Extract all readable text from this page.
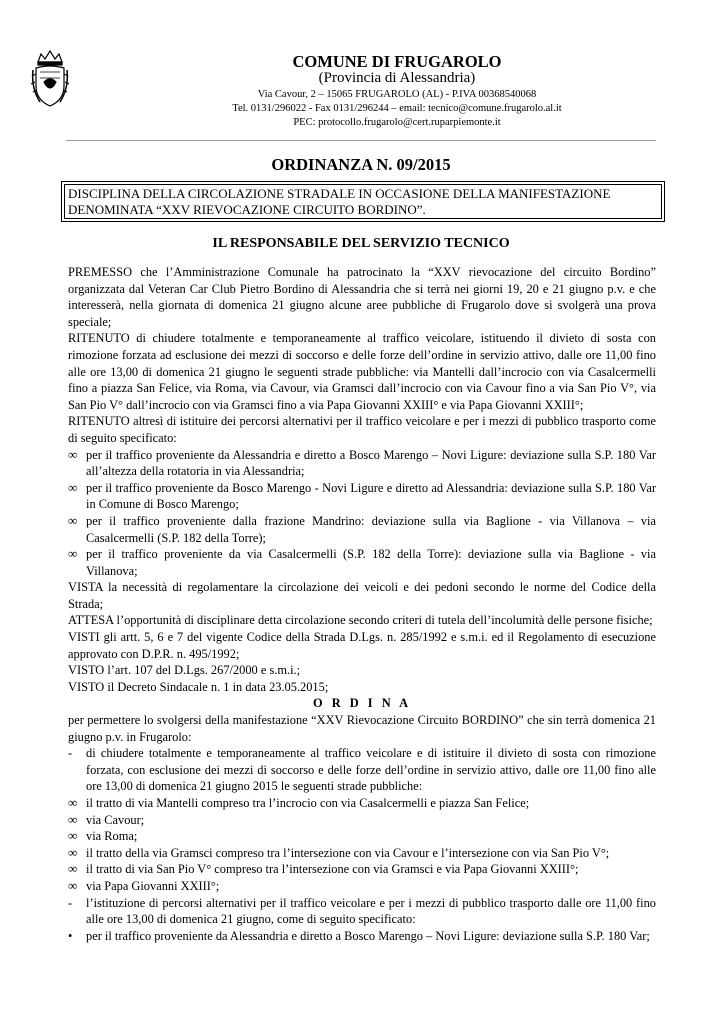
COMUNE DI FRUGAROLO
(Provincia di Alessandria)
Via Cavour, 2 – 15065 FRUGAROLO (AL) - P.IVA 00368540068
Tel. 0131/296022 - Fax 0131/296244 – email: tecnico@comune.frugarolo.al.it
PEC: protocollo.frugarolo@cert.ruparpiemonte.it
ORDINANZA N. 09/2015
DISCIPLINA DELLA CIRCOLAZIONE STRADALE IN OCCASIONE DELLA MANIFESTAZIONE DENOMINATA “XXV RIEVOCAZIONE CIRCUITO BORDINO”.
IL RESPONSABILE DEL SERVIZIO TECNICO

PREMESSO che l’Amministrazione Comunale ha patrocinato la “XXV rievocazione del circuito Bordino” organizzata dal Veteran Car Club Pietro Bordino di Alessandria che si terrà nei giorni 19, 20 e 21 giugno p.v. e che interesserà, nella giornata di domenica 21 giugno alcune aree pubbliche di Frugarolo dove si svolgerà una prova speciale;

RITENUTO di chiudere totalmente e temporaneamente al traffico veicolare, istituendo il divieto di sosta con rimozione forzata ad esclusione dei mezzi di soccorso e delle forze dell’ordine in servizio attivo, dalle ore 11,00 fino alle ore 13,00 di domenica 21 giugno le seguenti strade pubbliche: via Mantelli dall’incrocio con via Casalcermelli fino a piazza San Felice, via Roma, via Cavour, via Gramsci dall’incrocio con via Cavour fino a via San Pio V°, via San Pio V° dall’incrocio con via Gramsci fino a via Papa Giovanni XXIII° e via Papa Giovanni XXIII°;

RITENUTO altresì di istituire dei percorsi alternativi per il traffico veicolare e per i mezzi di pubblico trasporto come di seguito specificato:

∞ per il traffico proveniente da Alessandria e diretto a Bosco Marengo – Novi Ligure: deviazione sulla S.P. 180 Var all’altezza della rotatoria in via Alessandria;
∞ per il traffico proveniente da Bosco Marengo - Novi Ligure e diretto ad Alessandria: deviazione sulla S.P. 180 Var in Comune di Bosco Marengo;
∞ per il traffico proveniente dalla frazione Mandrino: deviazione sulla via Baglione - via Villanova – via Casalcermelli (S.P. 182 della Torre);
∞ per il traffico proveniente da via Casalcermelli (S.P. 182 della Torre): deviazione sulla via Baglione - via Villanova;

VISTA la necessità di regolamentare la circolazione dei veicoli e dei pedoni secondo le norme del Codice della Strada;

ATTESA l’opportunità di disciplinare detta circolazione secondo criteri di tutela dell’incolumità delle persone fisiche;

VISTI gli artt. 5, 6 e 7 del vigente Codice della Strada D.Lgs. n. 285/1992 e s.m.i. ed il Regolamento di esecuzione approvato con D.P.R. n. 495/1992;

VISTO l’art. 107 del D.Lgs. 267/2000 e s.m.i.;

VISTO il Decreto Sindacale n. 1 in data 23.05.2015;

O R D I N A

per permettere lo svolgersi della manifestazione “XXV Rievocazione Circuito BORDINO” che sin terrà domenica 21 giugno p.v. in Frugarolo:

-	di chiudere totalmente e temporaneamente al traffico veicolare e di istituire il divieto di sosta con rimozione forzata, con esclusione dei mezzi di soccorso e delle forze dell’ordine in servizio attivo, dalle ore 11,00 fino alle ore 13,00 di domenica 21 giugno 2015 le seguenti strade pubbliche:
∞ il tratto di via Mantelli compreso tra l’incrocio con via Casalcermelli e piazza San Felice;
∞ via Cavour;
∞ via Roma;
∞ il tratto della via Gramsci compreso tra l’intersezione con via Cavour e l’intersezione con via San Pio V°;
∞ il tratto di via San Pio V° compreso tra l’intersezione con via Gramsci e via Papa Giovanni XXIII°;
∞ via Papa Giovanni XXIII°;
-	l’istituzione di percorsi alternativi per il traffico veicolare e per i mezzi di pubblico trasporto dalle ore 11,00 fino alle ore 13,00 di domenica 21 giugno, come di seguito specificato:
•	per il traffico proveniente da Alessandria e diretto a Bosco Marengo – Novi Ligure: deviazione sulla S.P. 180 Var;
